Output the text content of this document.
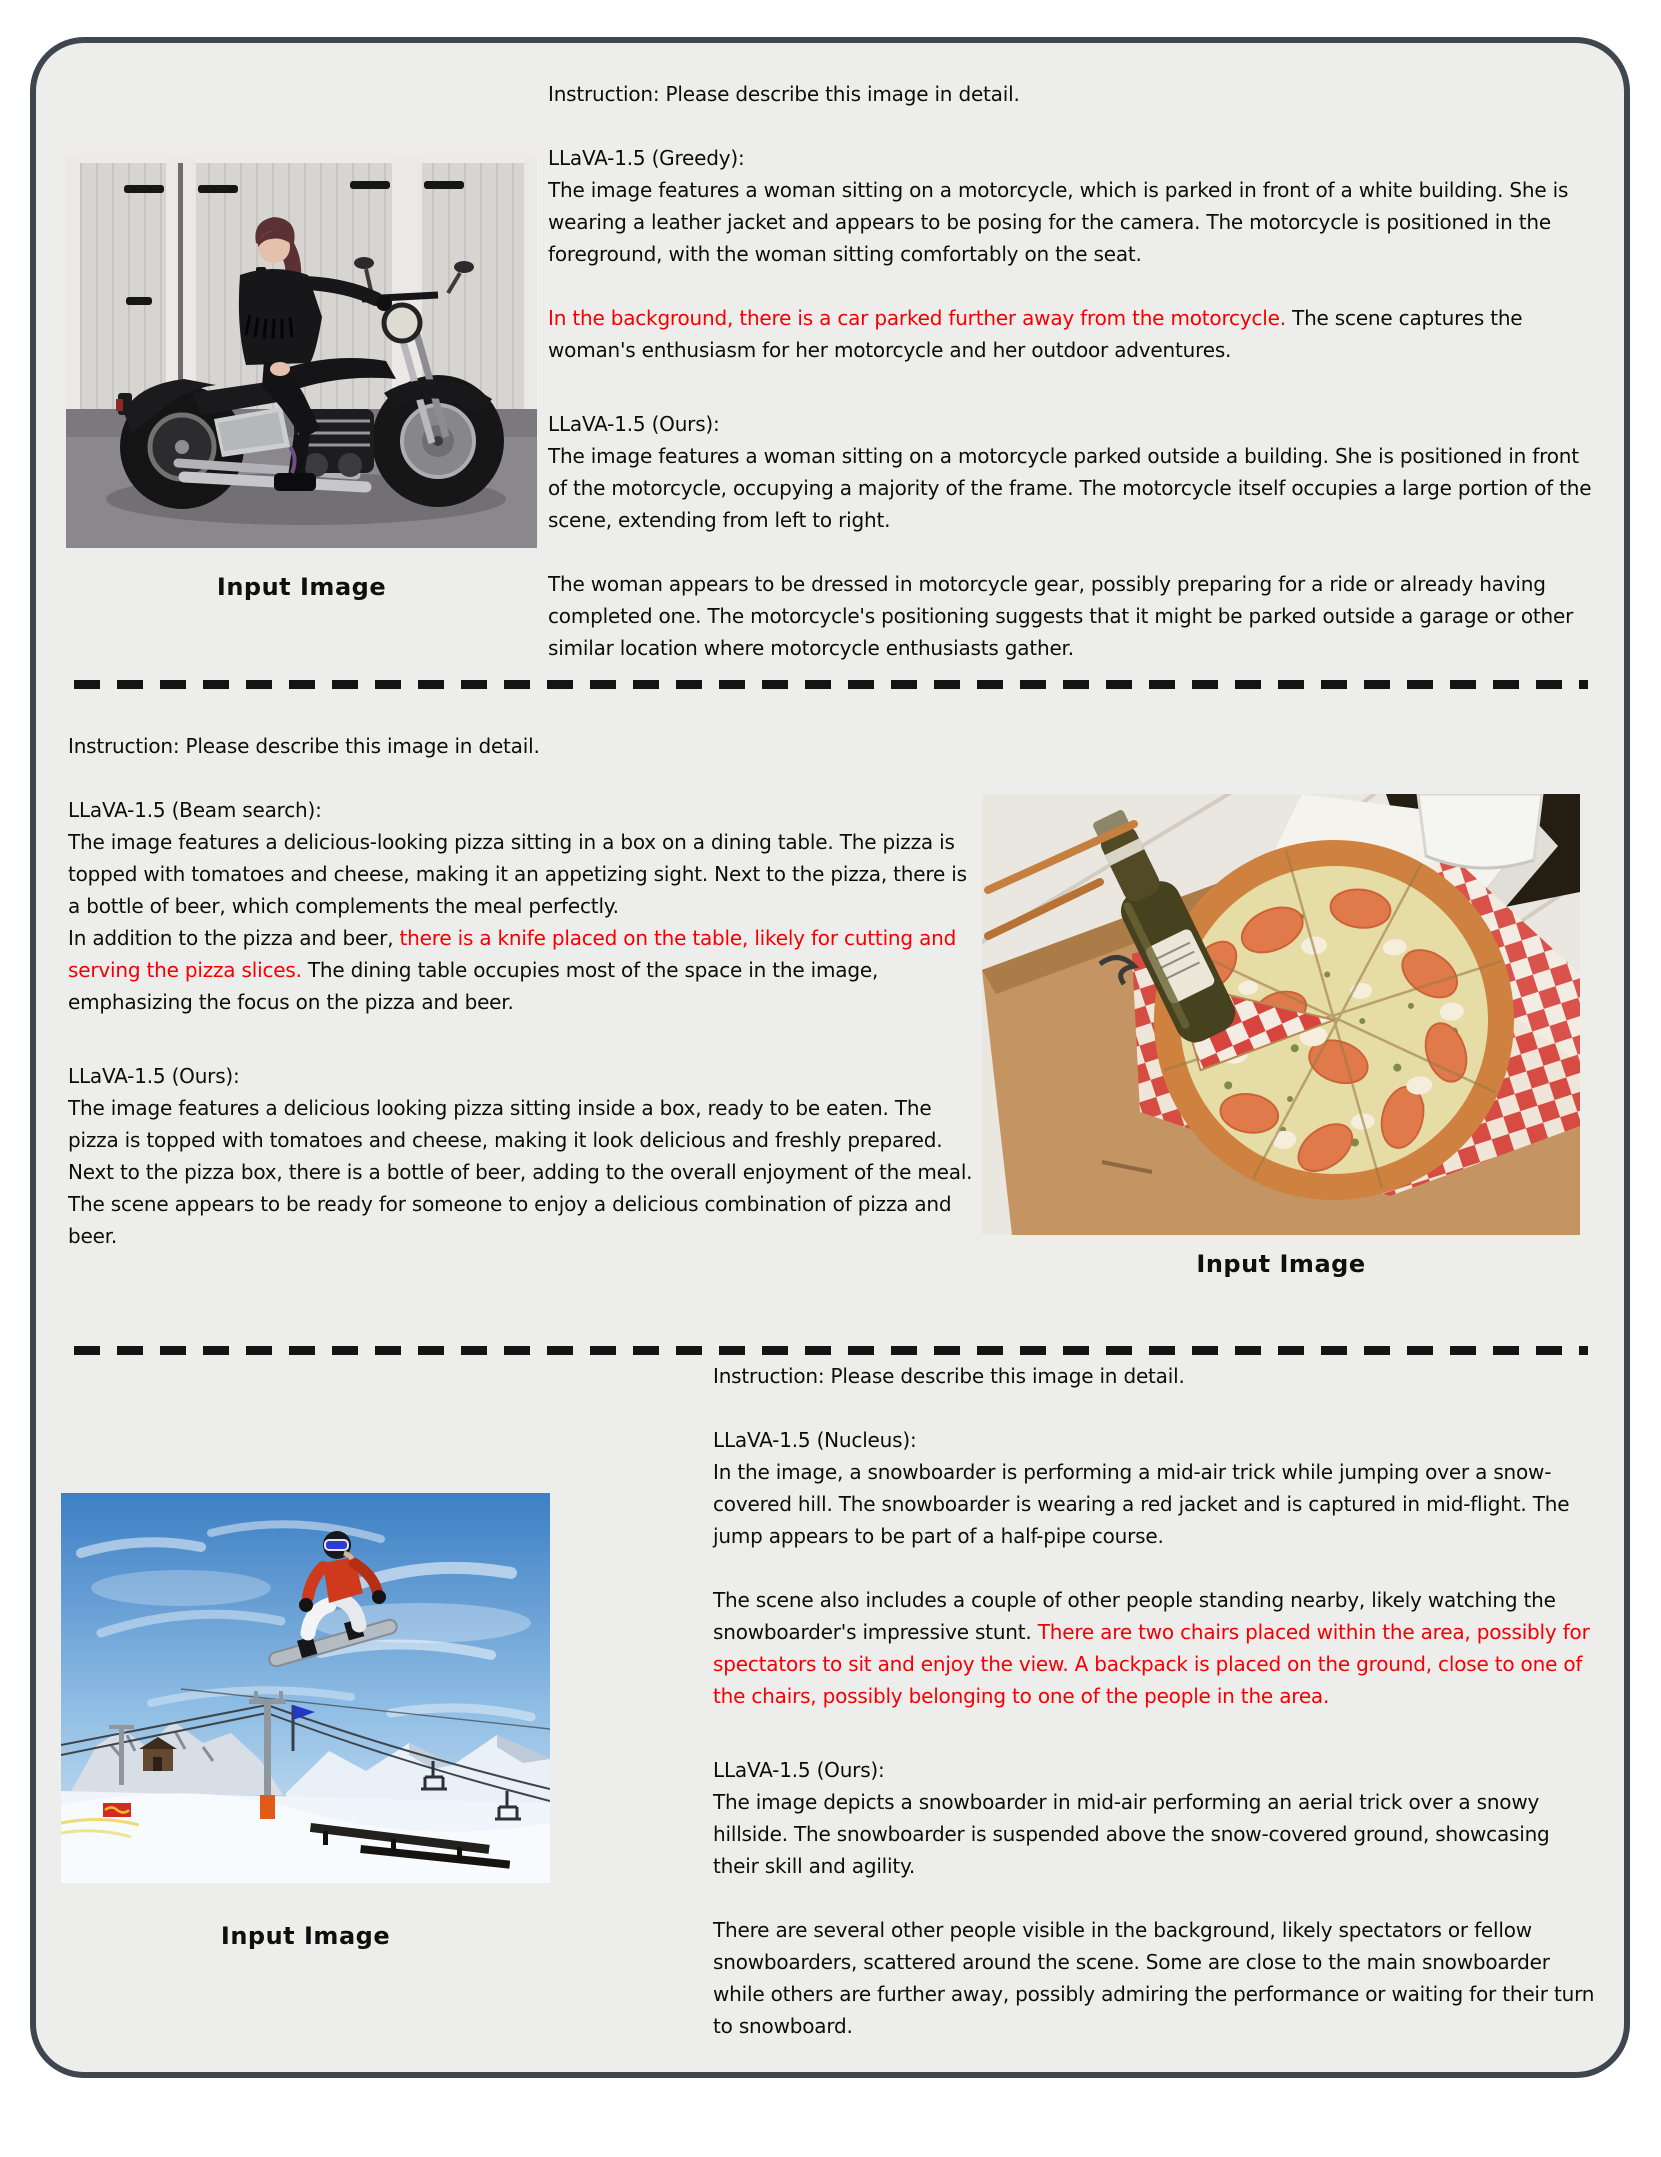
Input Image

Instruction: Please describe this image in detail.

LLaVA-1.5 (Greedy):

The image features a woman sitting on a motorcycle, which is parked in front of a white building. She is wearing a leather jacket and appears to be posing for the camera. The motorcycle is positioned in the foreground, with the woman sitting comfortably on the seat.

In the background, there is a car parked further away from the motorcycle. The scene captures the woman's enthusiasm for her motorcycle and her outdoor adventures.

LLaVA-1.5 (Ours):

The image features a woman sitting on a motorcycle parked outside a building. She is positioned in front of the motorcycle, occupying a majority of the frame. The motorcycle itself occupies a large portion of the scene, extending from left to right.

The woman appears to be dressed in motorcycle gear, possibly preparing for a ride or already having completed one. The motorcycle's positioning suggests that it might be parked outside a garage or other similar location where motorcycle enthusiasts gather.

Instruction: Please describe this image in detail.

LLaVA-1.5 (Beam search):

The image features a delicious-looking pizza sitting in a box on a dining table. The pizza is topped with tomatoes and cheese, making it an appetizing sight. Next to the pizza, there is a bottle of beer, which complements the meal perfectly.

In addition to the pizza and beer, there is a knife placed on the table, likely for cutting and serving the pizza slices. The dining table occupies most of the space in the image, emphasizing the focus on the pizza and beer.

LLaVA-1.5 (Ours):

The image features a delicious looking pizza sitting inside a box, ready to be eaten. The pizza is topped with tomatoes and cheese, making it look delicious and freshly prepared. Next to the pizza box, there is a bottle of beer, adding to the overall enjoyment of the meal. The scene appears to be ready for someone to enjoy a delicious combination of pizza and beer.

Input Image
Input Image

Instruction: Please describe this image in detail.

LLaVA-1.5 (Nucleus):

In the image, a snowboarder is performing a mid-air trick while jumping over a snow-covered hill. The snowboarder is wearing a red jacket and is captured in mid-flight. The jump appears to be part of a half-pipe course.

The scene also includes a couple of other people standing nearby, likely watching the snowboarder's impressive stunt. There are two chairs placed within the area, possibly for spectators to sit and enjoy the view. A backpack is placed on the ground, close to one of the chairs, possibly belonging to one of the people in the area.

LLaVA-1.5 (Ours):

The image depicts a snowboarder in mid-air performing an aerial trick over a snowy hillside. The snowboarder is suspended above the snow-covered ground, showcasing their skill and agility.

There are several other people visible in the background, likely spectators or fellow snowboarders, scattered around the scene. Some are close to the main snowboarder while others are further away, possibly admiring the performance or waiting for their turn to snowboard.
